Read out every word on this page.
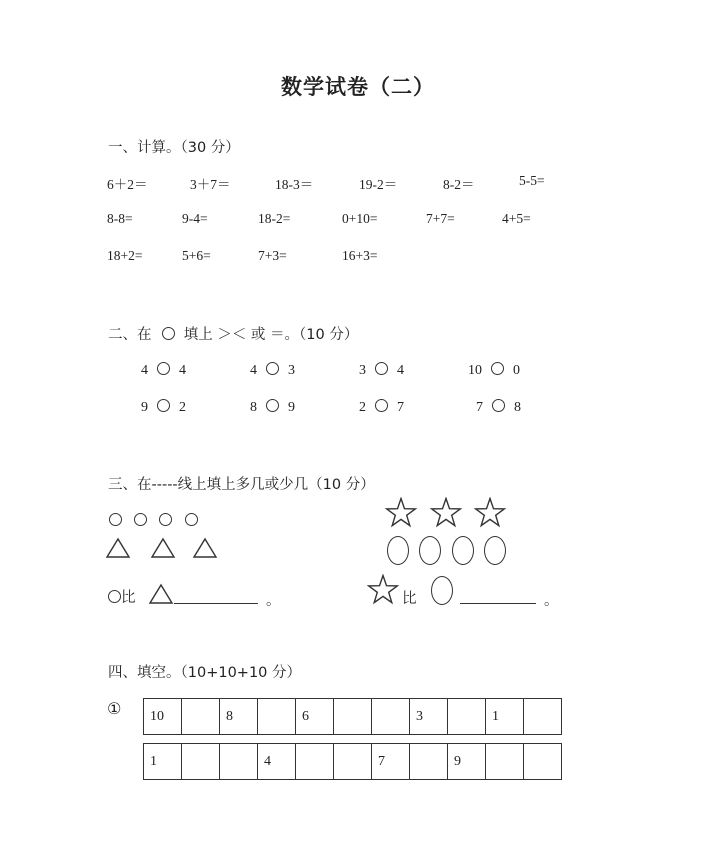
数学试卷（二）
一、计算。（30 分）
6＋2＝	3＋7＝	18-3＝	19-2＝	8-2＝	5-5=
8-8=	9-4=	18-2=	0+10=	7+7=	4+5=
18+2=	5+6=	7+3=	16+3=
二、在 填上 ＞＜ 或 ＝。（10 分）
4 4	4 3	3 4	10 0
9 2	8 9	2 7	7 8
三、在-----线上填上多几或少几（10 分）
比	。	比	。
四、填空。（10+10+10 分）
① 10		8		6			3		1	
1			4			7		9		
